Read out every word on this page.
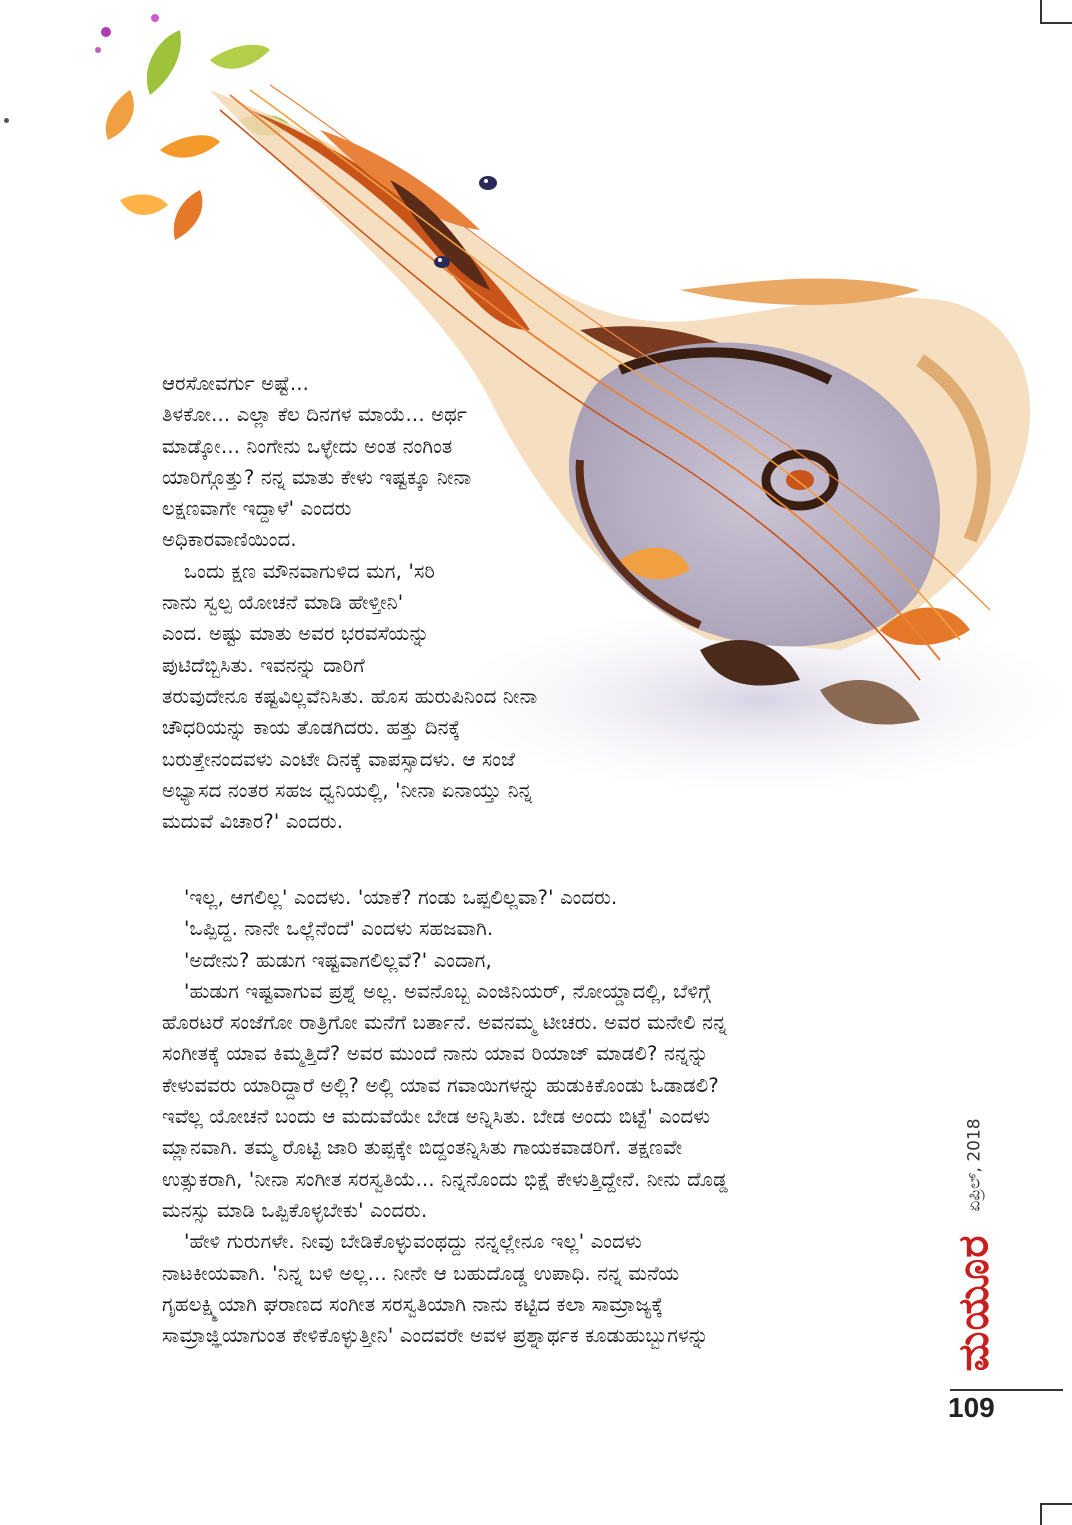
ಆರಸೋವರ್ಗು ಅಷ್ಟೆ...
ತಿಳಕೋ... ಎಲ್ಲಾ ಕೆಲ ದಿನಗಳ ಮಾಯೆ... ಅರ್ಥ
ಮಾಡ್ಕೋ... ನಿಂಗೇನು ಒಳ್ಳೇದು ಅಂತ ನಂಗಿಂತ
ಯಾರಿಗ್ಗೊತ್ತು? ನನ್ನ ಮಾತು ಕೇಳು ಇಷ್ಟಕ್ಕೂ ನೀನಾ
ಲಕ್ಷಣವಾಗೇ ಇದ್ದಾಳೆ' ಎಂದರು
ಅಧಿಕಾರವಾಣಿಯಿಂದ.
ಒಂದು ಕ್ಷಣ ಮೌನವಾಗುಳಿದ ಮಗ, 'ಸರಿ
ನಾನು ಸ್ವಲ್ಪ ಯೋಚನೆ ಮಾಡಿ ಹೇಳ್ತೀನಿ'
ಎಂದ. ಅಷ್ಟು ಮಾತು ಅವರ ಭರವಸೆಯನ್ನು
ಪುಟಿದೆಬ್ಬಿಸಿತು. ಇವನನ್ನು ದಾರಿಗೆ
ತರುವುದೇನೂ ಕಷ್ಟವಿಲ್ಲವೆನಿಸಿತು. ಹೊಸ ಹುರುಪಿನಿಂದ ನೀನಾ
ಚೌಧರಿಯನ್ನು ಕಾಯ ತೊಡಗಿದರು. ಹತ್ತು ದಿನಕ್ಕೆ
ಬರುತ್ತೇನಂದವಳು ಎಂಟೇ ದಿನಕ್ಕೆ ವಾಪಸ್ಸಾದಳು. ಆ ಸಂಜೆ
ಅಭ್ಯಾಸದ ನಂತರ ಸಹಜ ಧ್ವನಿಯಲ್ಲಿ, 'ನೀನಾ ಏನಾಯ್ತು ನಿನ್ನ
ಮದುವೆ ವಿಚಾರ?' ಎಂದರು.
'ಇಲ್ಲ, ಆಗಲಿಲ್ಲ' ಎಂದಳು. 'ಯಾಕೆ? ಗಂಡು ಒಪ್ಪಲಿಲ್ಲವಾ?' ಎಂದರು.
'ಒಪ್ಪಿದ್ದ. ನಾನೇ ಒಲ್ಲೆನೆಂದೆ' ಎಂದಳು ಸಹಜವಾಗಿ.
'ಅದೇನು? ಹುಡುಗ ಇಷ್ಟವಾಗಲಿಲ್ಲವೆ?' ಎಂದಾಗ,
'ಹುಡುಗ ಇಷ್ಟವಾಗುವ ಪ್ರಶ್ನೆ ಅಲ್ಲ. ಅವನೊಬ್ಬ ಎಂಜಿನಿಯರ್, ನೋಯ್ಡಾದಲ್ಲಿ, ಬೆಳಿಗ್ಗೆ
ಹೊರಟರೆ ಸಂಜೆಗೋ ರಾತ್ರಿಗೋ ಮನೆಗೆ ಬರ್ತಾನೆ. ಅವನಮ್ಮ ಟೀಚರು. ಅವರ ಮನೇಲಿ ನನ್ನ
ಸಂಗೀತಕ್ಕೆ ಯಾವ ಕಿಮ್ಮತ್ತಿದೆ? ಅವರ ಮುಂದೆ ನಾನು ಯಾವ ರಿಯಾಜ್ ಮಾಡಲಿ? ನನ್ನನ್ನು
ಕೇಳುವವರು ಯಾರಿದ್ದಾರೆ ಅಲ್ಲಿ? ಅಲ್ಲಿ ಯಾವ ಗವಾಯಿಗಳನ್ನು ಹುಡುಕಿಕೊಂಡು ಓಡಾಡಲಿ?
ಇವೆಲ್ಲ ಯೋಚನೆ ಬಂದು ಆ ಮದುವೆಯೇ ಬೇಡ ಅನ್ನಿಸಿತು. ಬೇಡ ಅಂದು ಬಿಟ್ಟೆ' ಎಂದಳು
ಮ್ಲಾನವಾಗಿ. ತಮ್ಮ ರೊಟ್ಟಿ ಜಾರಿ ತುಪ್ಪಕ್ಕೇ ಬಿದ್ದಂತನ್ನಿಸಿತು ಗಾಯಕವಾಡರಿಗೆ. ತಕ್ಷಣವೇ
ಉತ್ಸುಕರಾಗಿ, 'ನೀನಾ ಸಂಗೀತ ಸರಸ್ವತಿಯೆ... ನಿನ್ನನೊಂದು ಭಿಕ್ಷೆ ಕೇಳುತ್ತಿದ್ದೇನೆ. ನೀನು ದೊಡ್ಡ
ಮನಸ್ಸು ಮಾಡಿ ಒಪ್ಪಿಕೊಳ್ಳಬೇಕು' ಎಂದರು.
'ಹೇಳಿ ಗುರುಗಳೇ. ನೀವು ಬೇಡಿಕೊಳ್ಳುವಂಥದ್ದು ನನ್ನಲ್ಲೇನೂ ಇಲ್ಲ' ಎಂದಳು
ನಾಟಕೀಯವಾಗಿ. 'ನಿನ್ನ ಬಳಿ ಅಲ್ಲ... ನೀನೇ ಆ ಬಹುದೊಡ್ಡ ಉಪಾಧಿ. ನನ್ನ ಮನೆಯ
ಗೃಹಲಕ್ಷ್ಮಿಯಾಗಿ ಘರಾಣದ ಸಂಗೀತ ಸರಸ್ವತಿಯಾಗಿ ನಾನು ಕಟ್ಟಿದ ಕಲಾ ಸಾಮ್ರಾಜ್ಯಕ್ಕೆ
ಸಾಮ್ರಾಜ್ಞಿಯಾಗುಂತ ಕೇಳಿಕೊಳ್ಳುತ್ತೀನಿ' ಎಂದವರೇ ಅವಳ ಪ್ರಶ್ನಾರ್ಥಕ ಕೂಡುಹುಬ್ಬುಗಳನ್ನು
ಏಪ್ರಿಲ್, 2018
ಮಯೂರ
109
